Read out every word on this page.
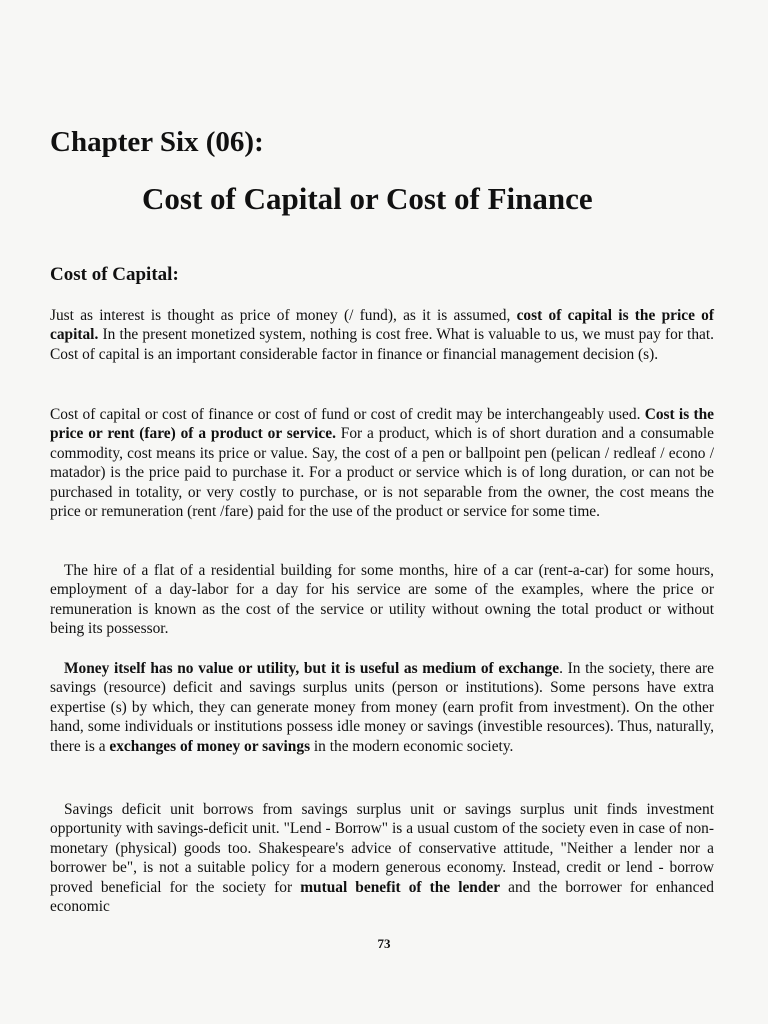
Chapter Six (06):
Cost of Capital or Cost of Finance
Cost of Capital:

Just as interest is thought as price of money (/ fund), as it is assumed, cost of capital is the price of capital. In the present monetized system, nothing is cost free. What is valuable to us, we must pay for that. Cost of capital is an important considerable factor in finance or financial management decision (s).

Cost of capital or cost of finance or cost of fund or cost of credit may be interchangeably used. Cost is the price or rent (fare) of a product or service. For a product, which is of short duration and a consumable commodity, cost means its price or value. Say, the cost of a pen or ballpoint pen (pelican / redleaf / econo / matador) is the price paid to purchase it. For a product or service which is of long duration, or can not be purchased in totality, or very costly to purchase, or is not separable from the owner, the cost means the price or remuneration (rent /fare) paid for the use of the product or service for some time.

The hire of a flat of a residential building for some months, hire of a car (rent-a-car) for some hours, employment of a day-labor for a day for his service are some of the examples, where the price or remuneration is known as the cost of the service or utility without owning the total product or without being its possessor.

Money itself has no value or utility, but it is useful as medium of exchange. In the society, there are savings (resource) deficit and savings surplus units (person or institutions). Some persons have extra expertise (s) by which, they can generate money from money (earn profit from investment). On the other hand, some individuals or institutions possess idle money or savings (investible resources). Thus, naturally, there is a exchanges of money or savings in the modern economic society.

Savings deficit unit borrows from savings surplus unit or savings surplus unit finds investment opportunity with savings-deficit unit. "Lend - Borrow" is a usual custom of the society even in case of non-monetary (physical) goods too. Shakespeare's advice of conservative attitude, "Neither a lender nor a borrower be", is not a suitable policy for a modern generous economy. Instead, credit or lend - borrow proved beneficial for the society for mutual benefit of the lender and the borrower for enhanced economic

73
